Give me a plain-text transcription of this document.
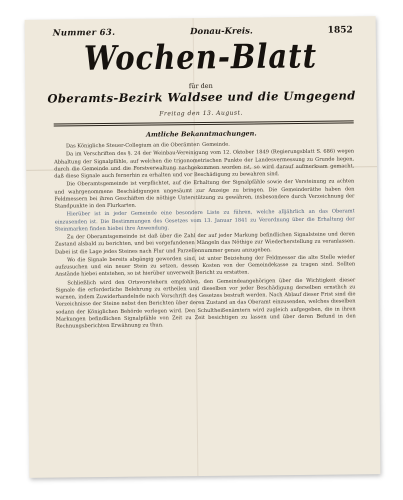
Nummer 63.	Donau-Kreis.	1852
Wochen-Blatt
für den
Oberamts-Bezirk Waldsee und die Umgegend
Freitag den 13. August.
Amtliche Bekanntmachungen.

Das Königliche Steuer-Collegium an die Oberämter: Gemeinde.

Da im Verschriften des §. 24 der Weinbau-Vereinigung vom 12. Oktober 1849 (Regierungsblatt S. 686) wegen Abhaltung der Signalpfähle, auf welchen die trigonometrischen Punkte der Landesvermessung zu Grunde liegen, durch die Gemeinde und die Forstverwaltung nachgekommen worden ist, so wird darauf aufmerksam gemacht, daß diese Signale auch fernerhin zu erhalten und vor Beschädigung zu bewahren sind.

Die Oberamtsgemeinde ist verpflichtet, auf die Erhaltung der Signalpfähle sowie der Versteinung zu achten und wahrgenommene Beschädigungen ungesäumt zur Anzeige zu bringen. Die Gemeinderäthe haben den Feldmessern bei ihren Geschäften die nöthige Unterstützung zu gewähren, insbesondere durch Verzeichnung der Standpunkte in den Flurkarten.

Hierüber ist in jeder Gemeinde eine besondere Liste zu führen, welche alljährlich an das Oberamt einzusenden ist. Die Bestimmungen des Gesetzes vom 13. Januar 1841 zu Verordnung über die Erhaltung der Steinmarken finden hiebei ihre Anwendung.

Zu der Oberamtsgemeinde ist daß über die Zahl der auf jeder Markung befindlichen Signalsteine und deren Zustand alsbald zu berichten, und bei vorgefundenen Mängeln das Nöthige zur Wiederherstellung zu veranlassen. Dabei ist die Lage jedes Steines nach Flur und Parzellennummer genau anzugeben.

Wo die Signale bereits abgängig geworden sind, ist unter Beiziehung der Feldmesser die alte Stelle wieder aufzusuchen und ein neuer Stein zu setzen, dessen Kosten von der Gemeindekasse zu tragen sind. Sollten Anstände hiebei entstehen, so ist hierüber unverweilt Bericht zu erstatten.

Schließlich wird den Ortsvorstehern empfohlen, den Gemeindeangehörigen über die Wichtigkeit dieser Signale die erforderliche Belehrung zu ertheilen und dieselben vor jeder Beschädigung derselben ernstlich zu warnen, indem Zuwiderhandelnde nach Vorschrift des Gesetzes bestraft werden. Nach Ablauf dieser Frist sind die Verzeichnisse der Steine nebst den Berichten über deren Zustand an das Oberamt einzusenden, welches dieselben sodann der Königlichen Behörde vorlegen wird. Den Schultheißenämtern wird zugleich aufgegeben, die in ihren Markungen befindlichen Signalpfähle von Zeit zu Zeit besichtigen zu lassen und über deren Befund in den Rechnungsberichten Erwähnung zu thun.
